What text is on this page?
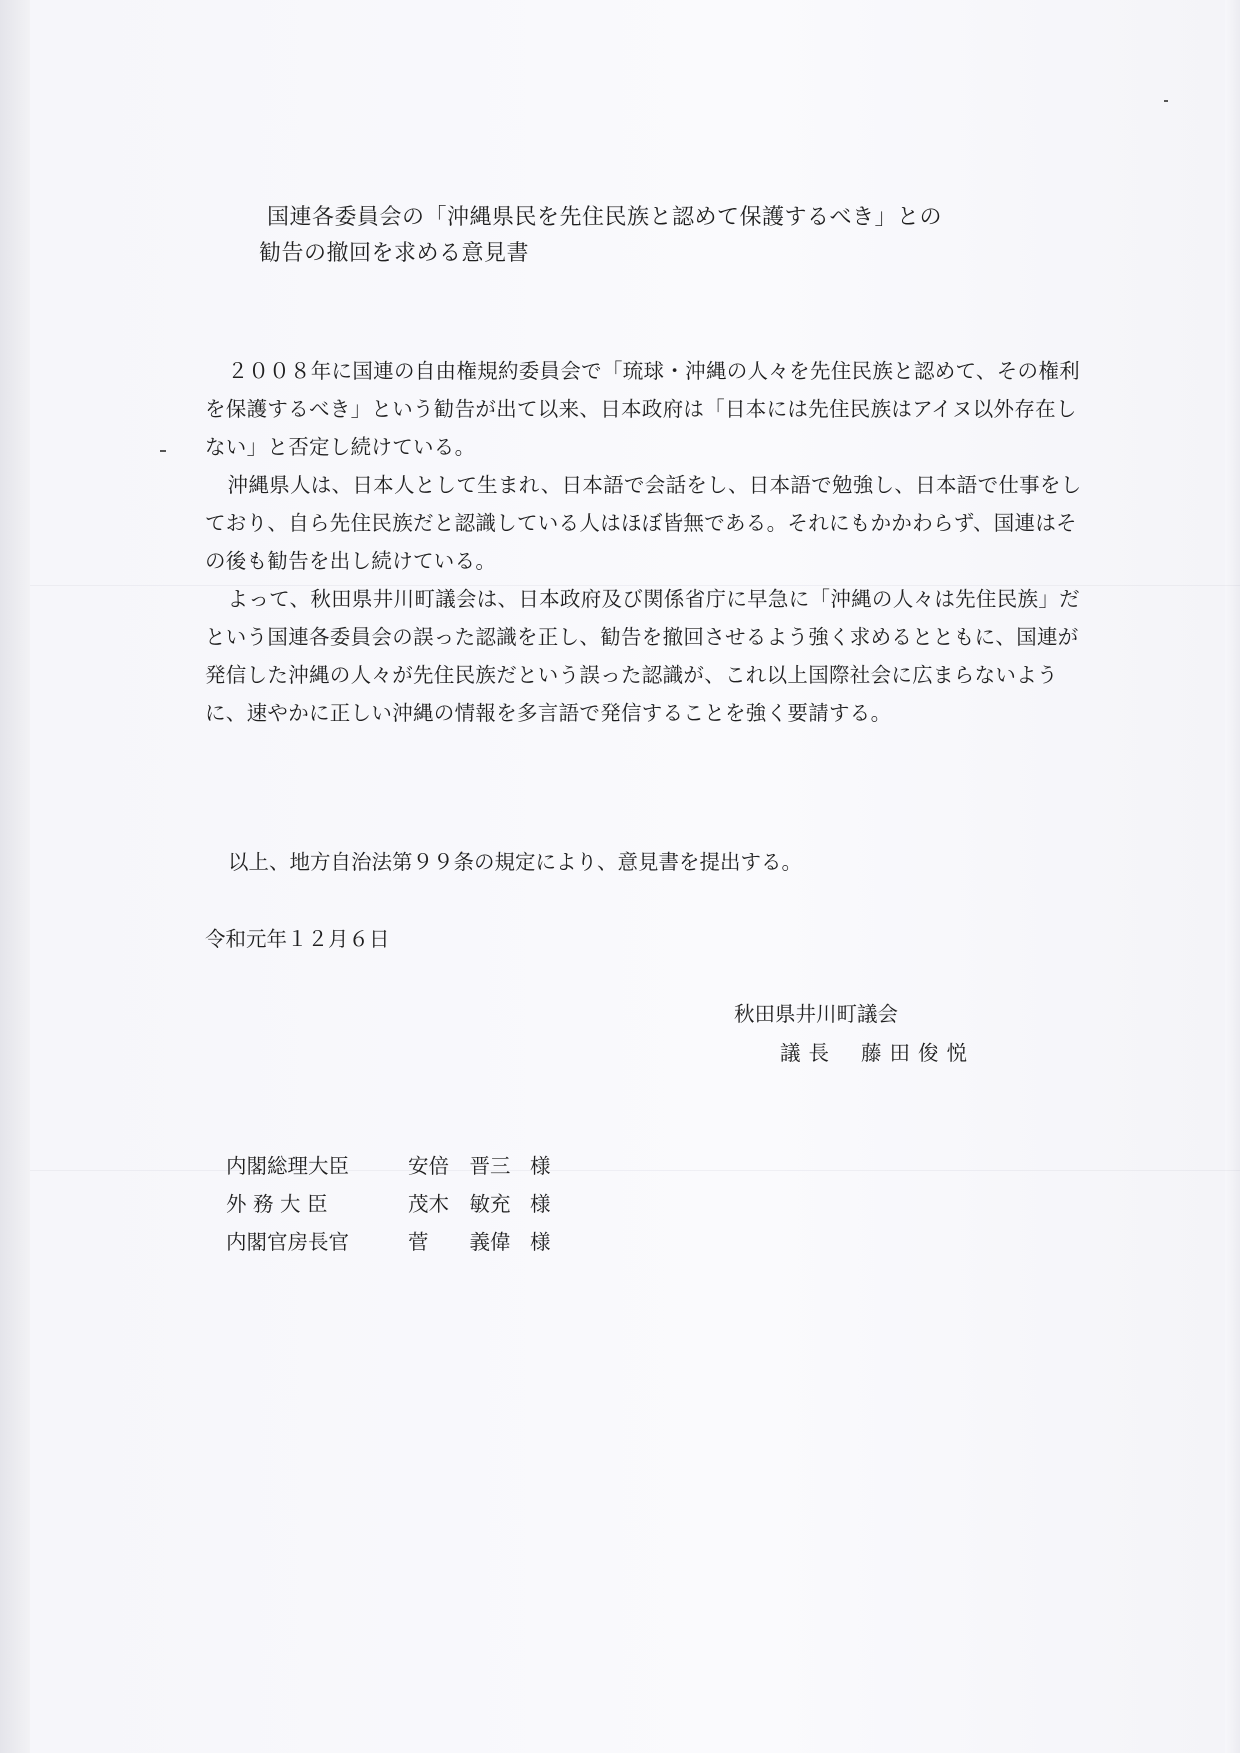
国連各委員会の「沖縄県民を先住民族と認めて保護するべき」との
勧告の撤回を求める意見書

２００８年に国連の自由権規約委員会で「琉球・沖縄の人々を先住民族と認めて、その権利を保護するべき」という勧告が出て以来、日本政府は「日本には先住民族はアイヌ以外存在しない」と否定し続けている。

沖縄県人は、日本人として生まれ、日本語で会話をし、日本語で勉強し、日本語で仕事をしており、自ら先住民族だと認識している人はほぼ皆無である。それにもかかわらず、国連はその後も勧告を出し続けている。

よって、秋田県井川町議会は、日本政府及び関係省庁に早急に「沖縄の人々は先住民族」だという国連各委員会の誤った認識を正し、勧告を撤回させるよう強く求めるとともに、国連が発信した沖縄の人々が先住民族だという誤った認識が、これ以上国際社会に広まらないように、速やかに正しい沖縄の情報を多言語で発信することを強く要請する。

以上、地方自治法第９９条の規定により、意見書を提出する。
令和元年１２月６日
秋田県井川町議会
議長 藤田俊悦
内閣総理大臣	安倍　晋三 様
外 務 大 臣	茂木　敏充 様
内閣官房長官	菅　　義偉 様
